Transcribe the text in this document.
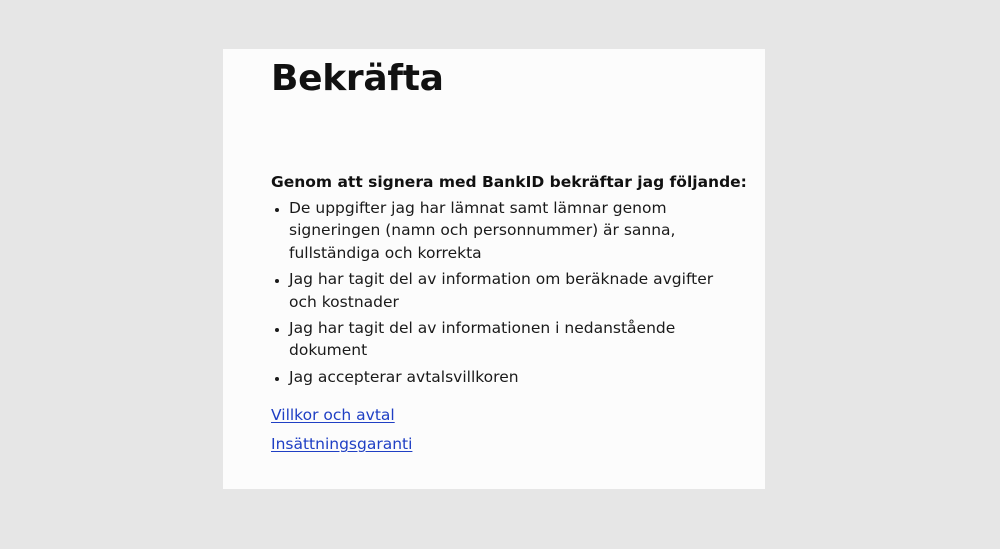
Bekräfta

Genom att signera med BankID bekräftar jag följande:

• De uppgifter jag har lämnat samt lämnar genom signeringen (namn och personnummer) är sanna, fullständiga och korrekta
• Jag har tagit del av information om beräknade avgifter och kostnader
• Jag har tagit del av informationen i nedanstående dokument
• Jag accepterar avtalsvillkoren
Villkor och avtal
Insättningsgaranti
